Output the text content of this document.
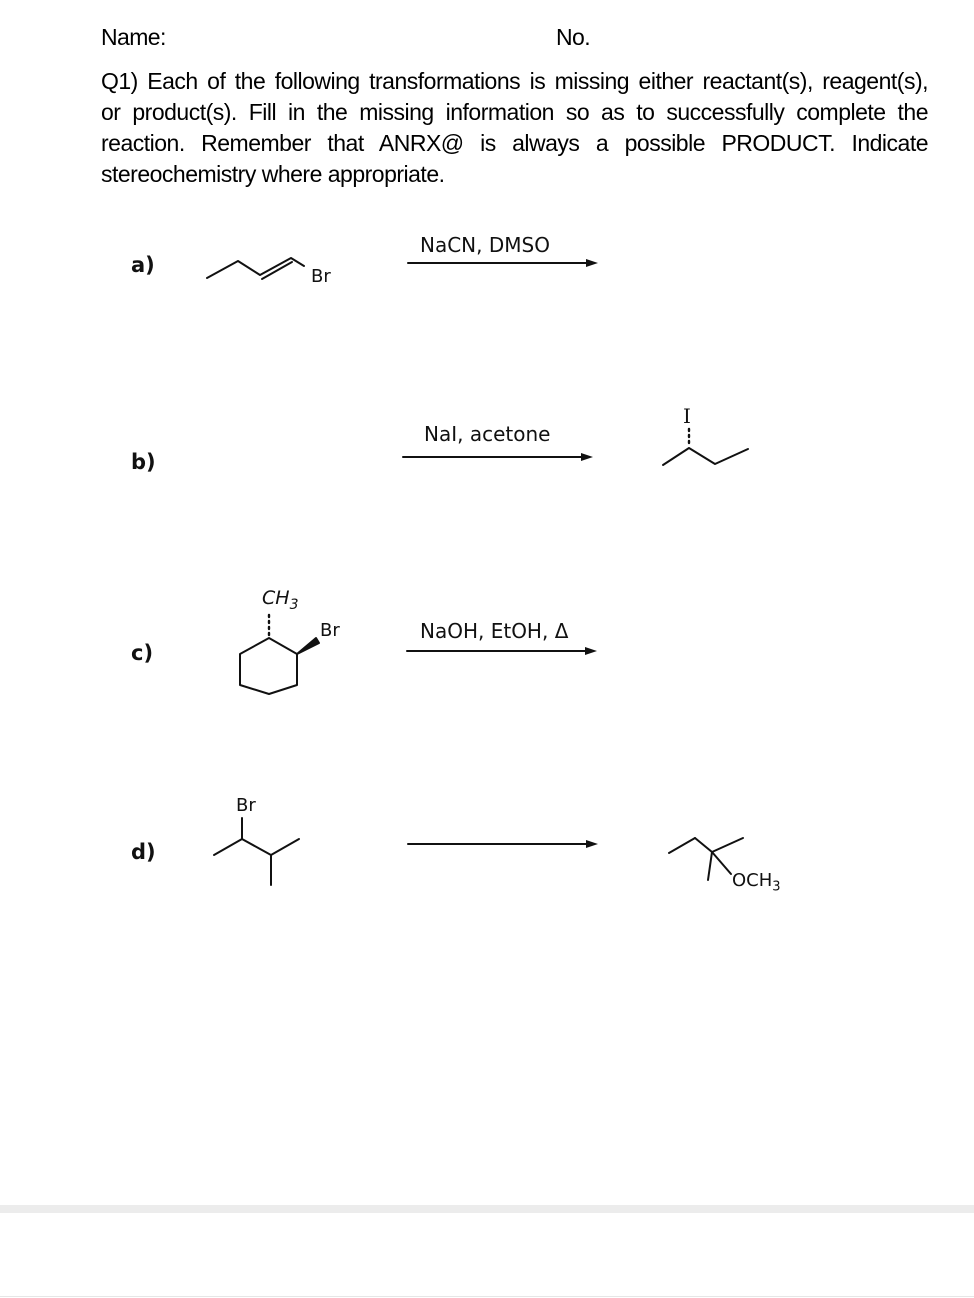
Name:	No.

Q1) Each of the following transformations is missing either reactant(s), reagent(s),
or product(s). Fill in the missing information so as to successfully complete the
reaction. Remember that ANRX@ is always a possible PRODUCT. Indicate
stereochemistry where appropriate.

a)	Br
NaCN, DMSO
b)
NaI, acetone
I
c)
$CH_3$
Br	NaOH, EtOH, Δ
d)
Br
$OCH_3$
